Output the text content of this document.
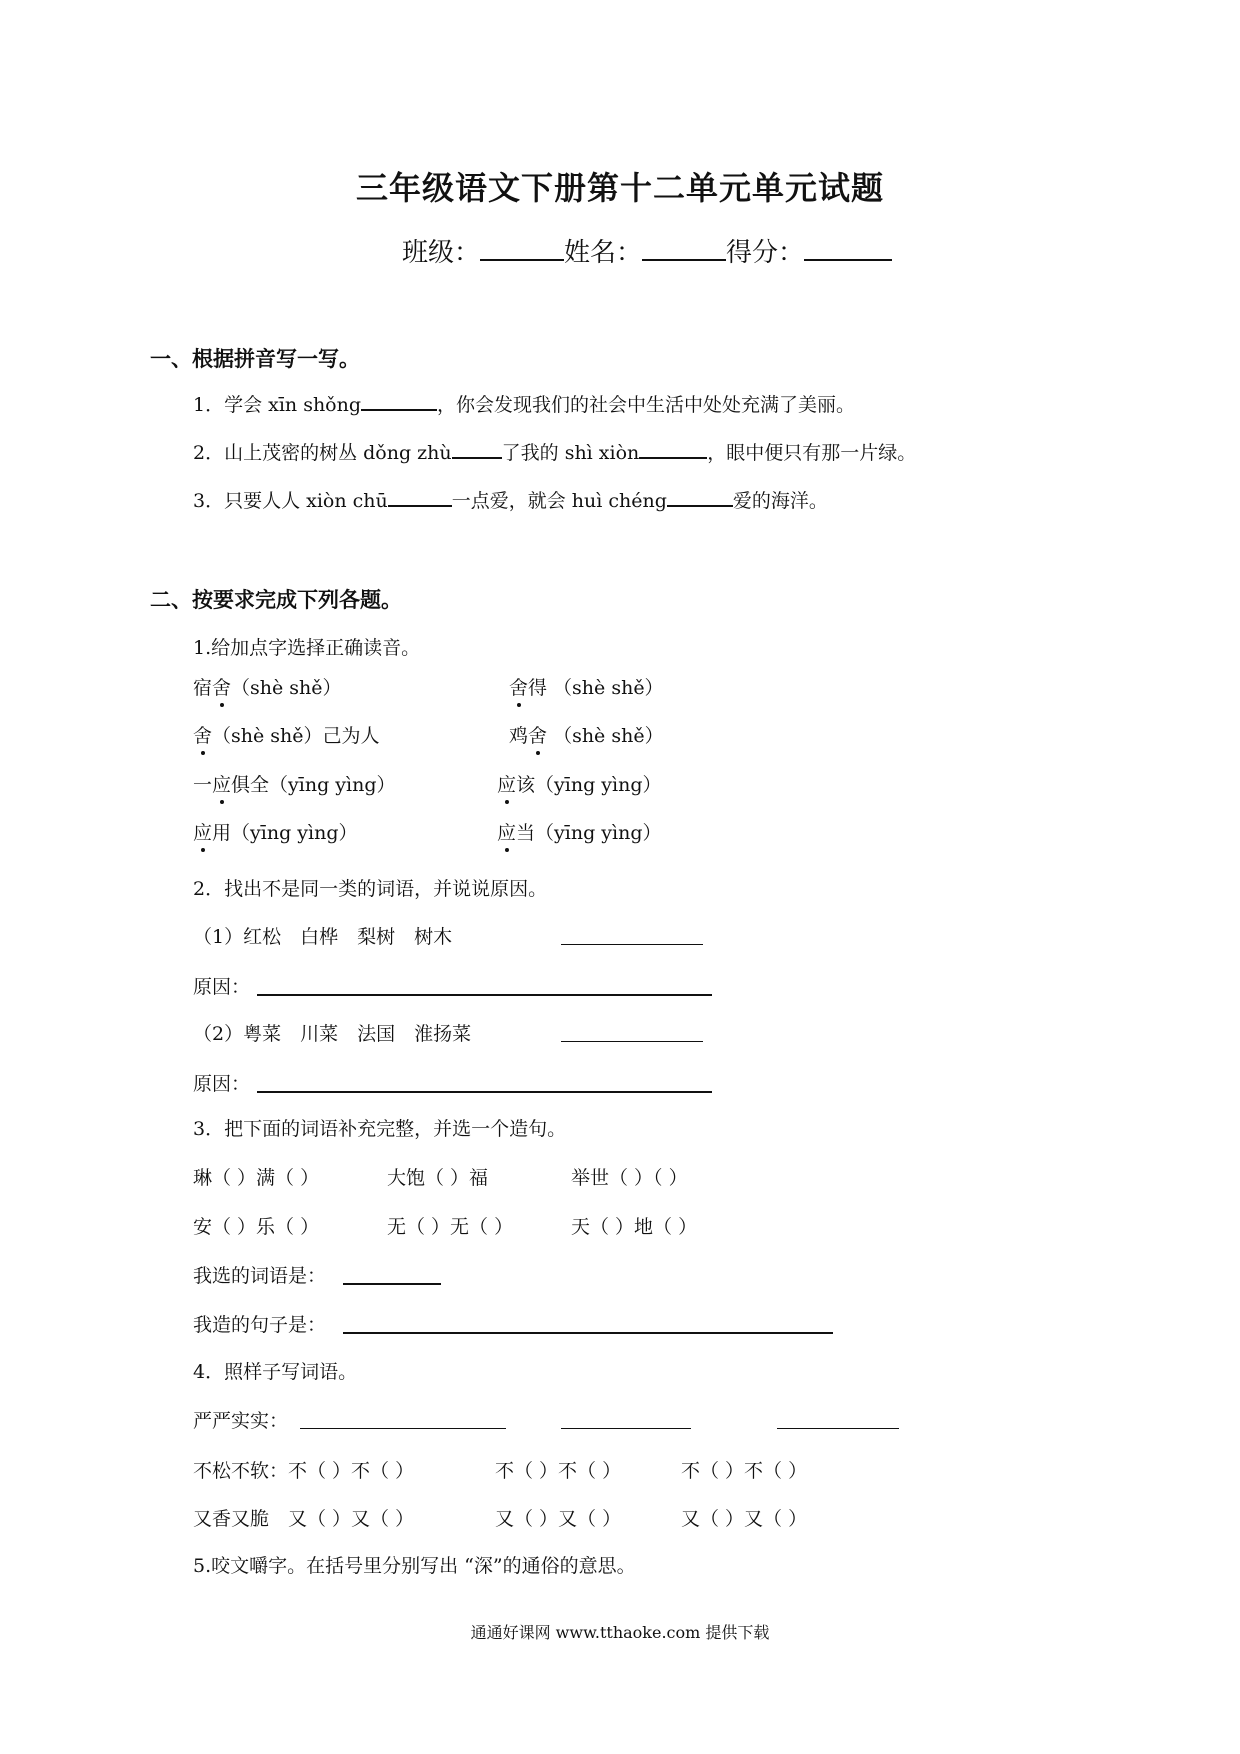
三年级语文下册第十二单元单元试题
班级：	姓名：	得分：
一、根据拼音写一写。
1．学会 xīn shǒng	，你会发现我们的社会中生活中处处充满了美丽。
2．山上茂密的树丛 dǒng zhù	了我的 shì xiòn	，眼中便只有那一片绿。
3．只要人人 xiòn chū	一点爱，就会 huì chéng	爱的海洋。
二、按要求完成下列各题。
1.给加点字选择正确读音。
宿舍（shè shě）	舍得 （shè shě）
舍（shè shě）己为人	鸡舍 （shè shě）
一应俱全（yīng yìng）	应该（yīng yìng）
应用（yīng yìng）	应当（yīng yìng）
2．找出不是同一类的词语，并说说原因。
（1）红松　白桦　梨树　树木
原因：
（2）粤菜　川菜　法国　淮扬菜
原因：
3．把下面的词语补充完整，并选一个造句。
琳（ ）满（ ）	大饱（ ）福	举世（ ）（ ）
安（ ）乐（ ）	无（ ）无（ ）	天（ ）地（ ）
我选的词语是：
我造的句子是：
4．照样子写词语。
严严实实：
不松不软：不（ ）不（ ）	不（ ）不（ ）	不（ ）不（ ）
又香又脆　又（ ）又（ ）	又（ ）又（ ）	又（ ）又（ ）
5.咬文嚼字。在括号里分别写出 “深”的通俗的意思。
通通好课网 www.tthaoke.com 提供下载
